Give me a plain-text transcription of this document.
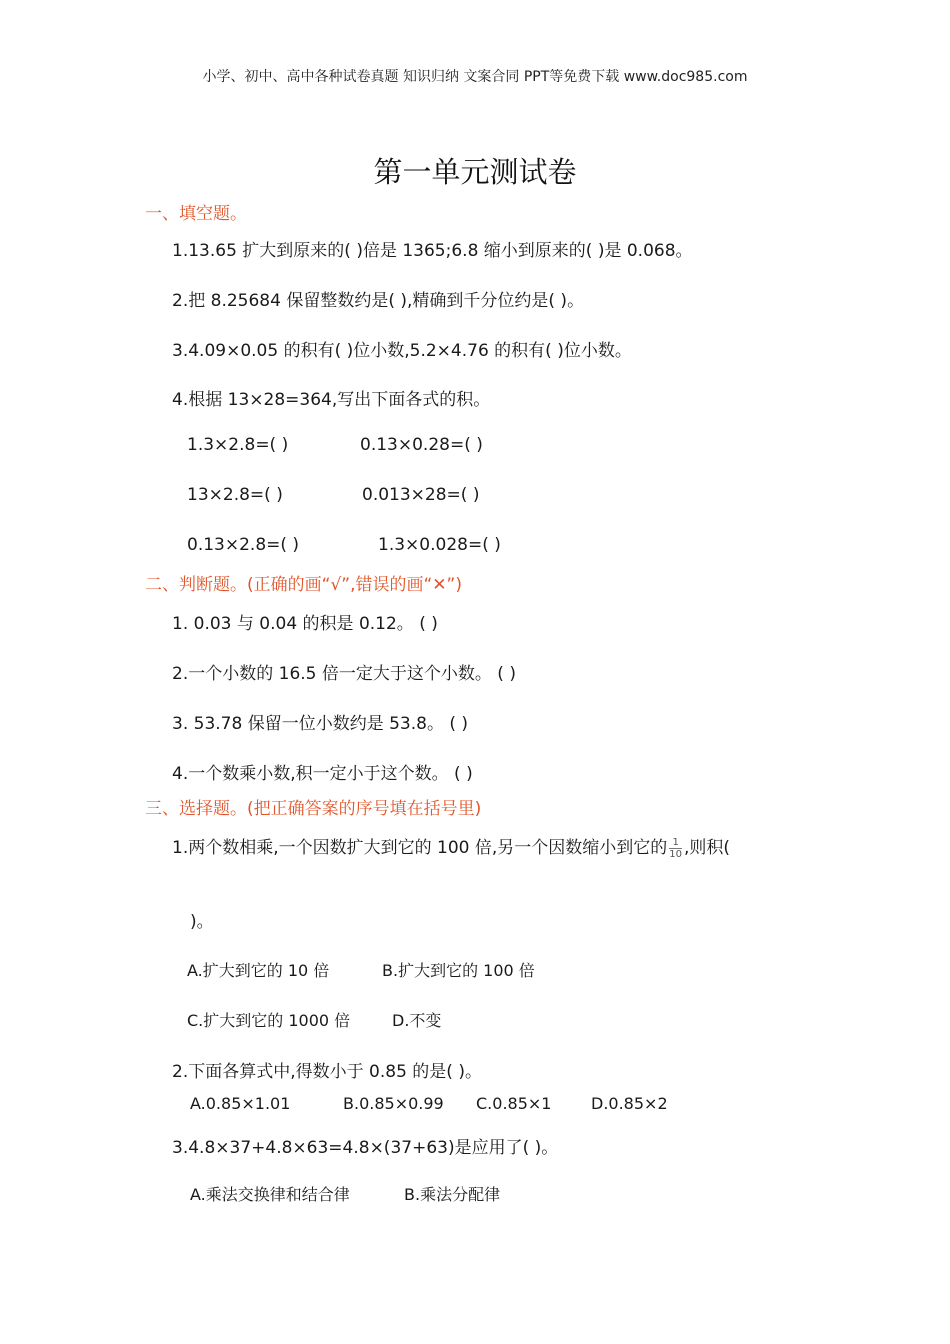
小学、初中、高中各种试卷真题 知识归纳 文案合同 PPT等免费下载 www.doc985.com
第一单元测试卷
一、填空题。
1.13.65 扩大到原来的( )倍是 1365;6.8 缩小到原来的( )是 0.068。
2.把 8.25684 保留整数约是( ),精确到千分位约是( )。
3.4.09×0.05 的积有( )位小数,5.2×4.76 的积有( )位小数。
4.根据 13×28=364,写出下面各式的积。
1.3×2.8=( )	0.13×0.28=( )
13×2.8=( )	0.013×28=( )
0.13×2.8=( )	1.3×0.028=( )
二、判断题。(正确的画“√”,错误的画“✕”)
1. 0.03 与 0.04 的积是 0.12。 ( )
2.一个小数的 16.5 倍一定大于这个小数。 ( )
3. 53.78 保留一位小数约是 53.8。 ( )
4.一个数乘小数,积一定小于这个数。 ( )
三、选择题。(把正确答案的序号填在括号里)
1.两个数相乘,一个因数扩大到它的 100 倍,另一个因数缩小到它的 $\frac{1}{10}$ ,则积(
)。
A.扩大到它的 10 倍	B.扩大到它的 100 倍
C.扩大到它的 1000 倍	D.不变
2.下面各算式中,得数小于 0.85 的是( )。
A.0.85×1.01	B.0.85×0.99 C.0.85×1 D.0.85×2
3.4.8×37+4.8×63=4.8×(37+63)是应用了( )。
A.乘法交换律和结合律	B.乘法分配律
